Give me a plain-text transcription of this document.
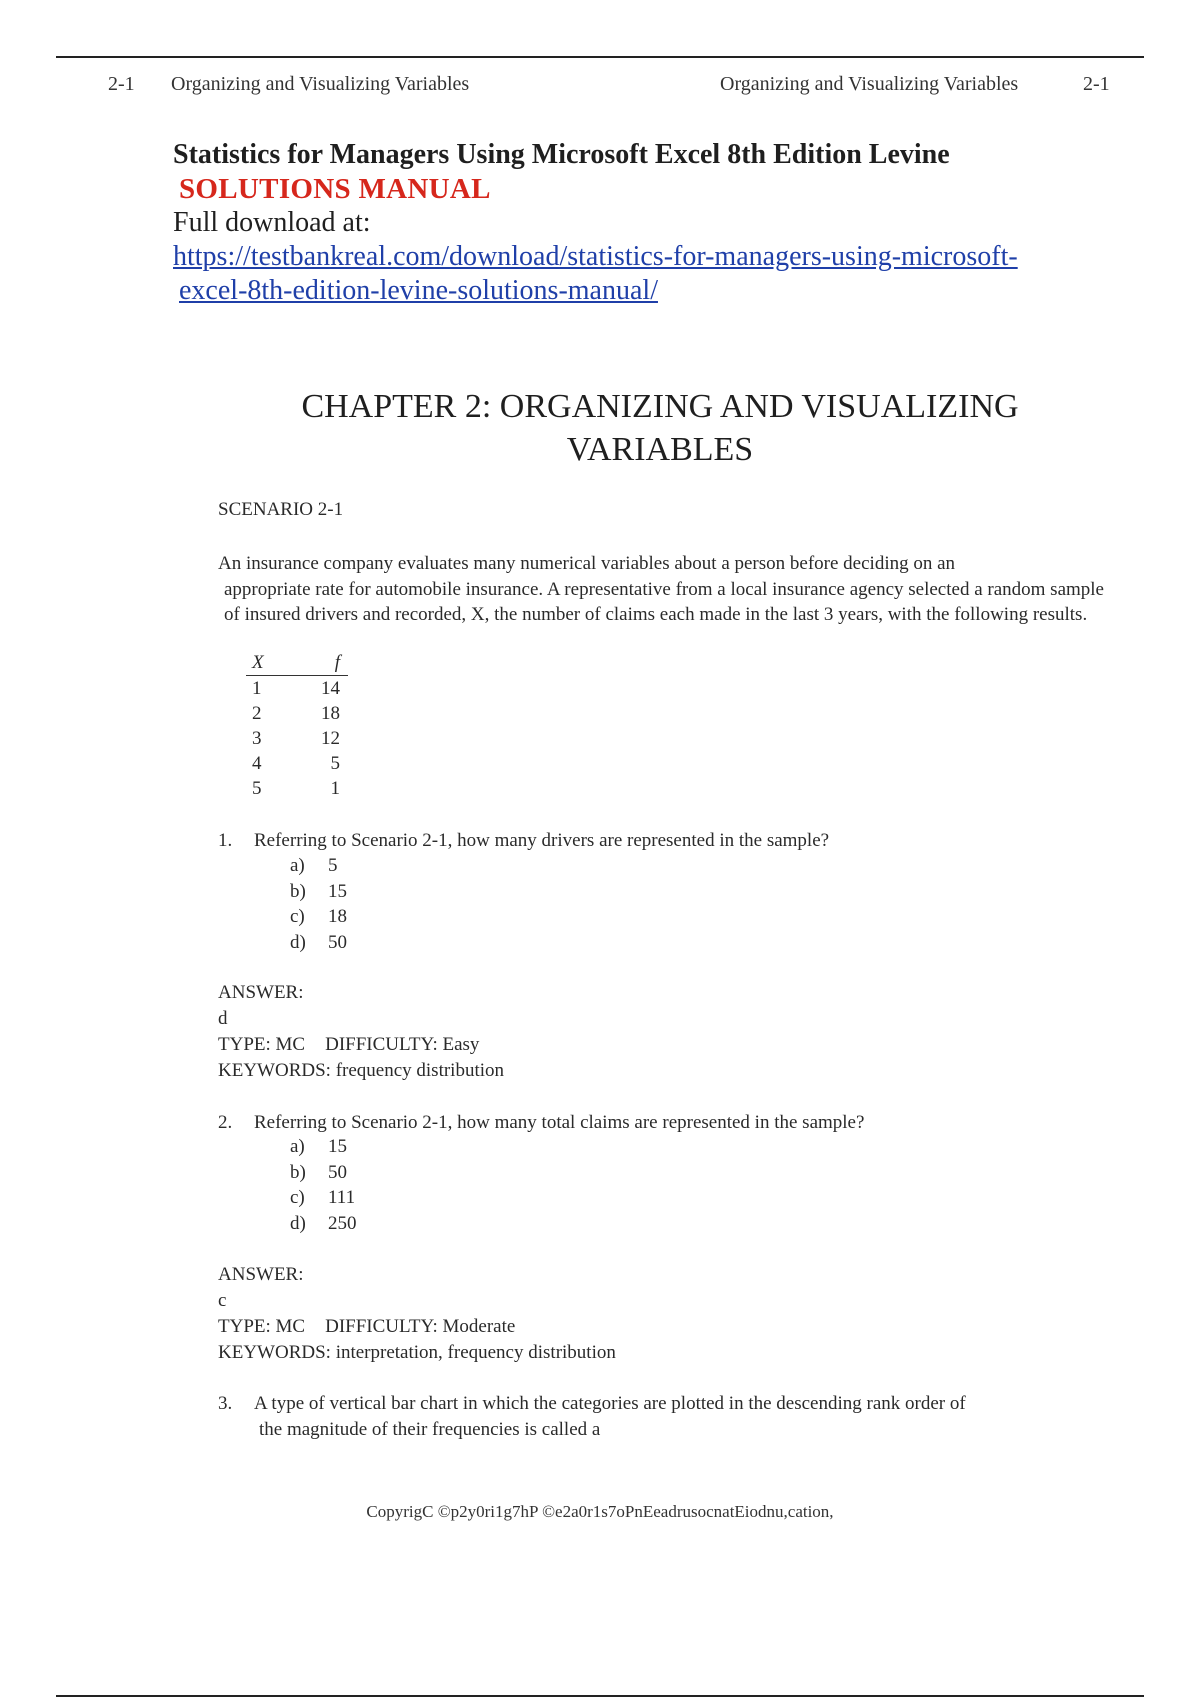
2-1 Organizing and Visualizing Variables	Organizing and Visualizing Variables	2-1
Statistics for Managers Using Microsoft Excel 8th Edition Levine
SOLUTIONS MANUAL
Full download at:
https://testbankreal.com/download/statistics-for-managers-using-microsoft-
excel-8th-edition-levine-solutions-manual/
CHAPTER 2: ORGANIZING AND VISUALIZING
VARIABLES
SCENARIO 2-1
An insurance company evaluates many numerical variables about a person before deciding on an
appropriate rate for automobile insurance. A representative from a local insurance agency selected a random sample of insured drivers and recorded, X, the number of claims each made in the last 3 years, with the following results.
X	f
1	14
2	18
3	12
4	5
5	1
1. Referring to Scenario 2-1, how many drivers are represented in the sample?
a) 5
b) 15
c) 18
d) 50
ANSWER:
d
TYPE: MC DIFFICULTY: Easy
KEYWORDS: frequency distribution
2. Referring to Scenario 2-1, how many total claims are represented in the sample?
a) 15
b) 50
c) 111
d) 250
ANSWER:
c
TYPE: MC DIFFICULTY: Moderate
KEYWORDS: interpretation, frequency distribution
3. A type of vertical bar chart in which the categories are plotted in the descending rank order of
the magnitude of their frequencies is called a
CopyrigC ©p2y0ri1g7hP ©e2a0r1s7oPnEeadrusocnatEiodnu,cation,
